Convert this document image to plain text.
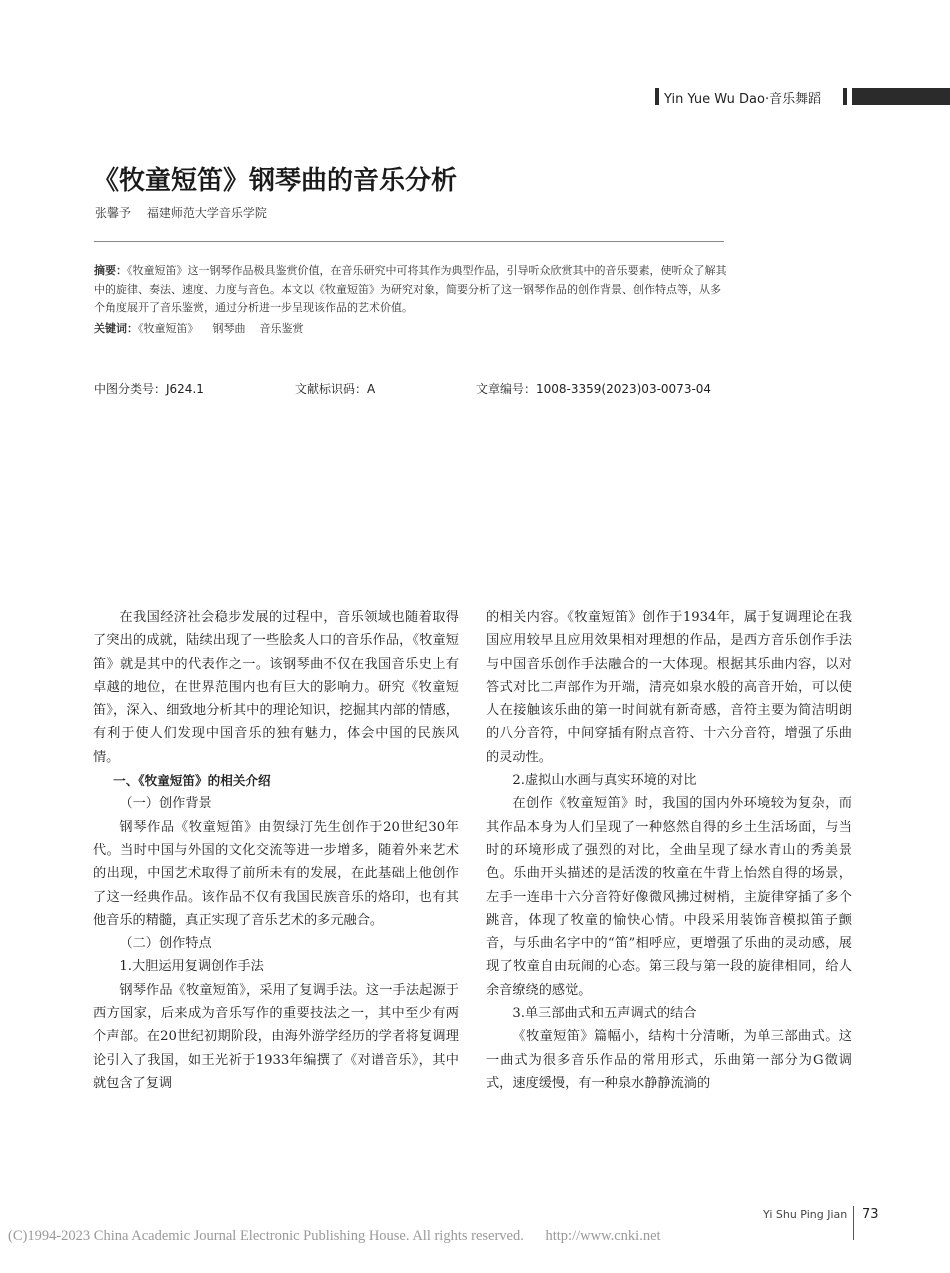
Yin Yue Wu Dao·音乐舞蹈
《牧童短笛》钢琴曲的音乐分析
张馨予 福建师范大学音乐学院
摘要：《牧童短笛》这一钢琴作品极具鉴赏价值，在音乐研究中可将其作为典型作品，引导听众欣赏其中的音乐要素，使听众了解其中的旋律、奏法、速度、力度与音色。本文以《牧童短笛》为研究对象，简要分析了这一钢琴作品的创作背景、创作特点等，从多个角度展开了音乐鉴赏，通过分析进一步呈现该作品的艺术价值。
关键词：《牧童短笛》 钢琴曲 音乐鉴赏
中图分类号：J624.1	文献标识码：A	文章编号：1008-3359(2023)03-0073-04

在我国经济社会稳步发展的过程中，音乐领域也随着取得了突出的成就，陆续出现了一些脍炙人口的音乐作品，《牧童短笛》就是其中的代表作之一。该钢琴曲不仅在我国音乐史上有卓越的地位，在世界范围内也有巨大的影响力。研究《牧童短笛》，深入、细致地分析其中的理论知识，挖掘其内部的情感，有利于使人们发现中国音乐的独有魅力，体会中国的民族风情。

一、《牧童短笛》的相关介绍

（一）创作背景

钢琴作品《牧童短笛》由贺绿汀先生创作于20世纪30年代。当时中国与外国的文化交流等进一步增多，随着外来艺术的出现，中国艺术取得了前所未有的发展，在此基础上他创作了这一经典作品。该作品不仅有我国民族音乐的烙印，也有其他音乐的精髓，真正实现了音乐艺术的多元融合。

（二）创作特点

1.大胆运用复调创作手法

钢琴作品《牧童短笛》，采用了复调手法。这一手法起源于西方国家，后来成为音乐写作的重要技法之一，其中至少有两个声部。在20世纪初期阶段，由海外游学经历的学者将复调理论引入了我国，如王光祈于1933年编撰了《对谱音乐》，其中就包含了复调

的相关内容。《牧童短笛》创作于1934年，属于复调理论在我国应用较早且应用效果相对理想的作品，是西方音乐创作手法与中国音乐创作手法融合的一大体现。根据其乐曲内容，以对答式对比二声部作为开端，清亮如泉水般的高音开始，可以使人在接触该乐曲的第一时间就有新奇感，音符主要为简洁明朗的八分音符，中间穿插有附点音符、十六分音符，增强了乐曲的灵动性。

2.虚拟山水画与真实环境的对比

在创作《牧童短笛》时，我国的国内外环境较为复杂，而其作品本身为人们呈现了一种悠然自得的乡土生活场面，与当时的环境形成了强烈的对比，全曲呈现了绿水青山的秀美景色。乐曲开头描述的是活泼的牧童在牛背上怡然自得的场景，左手一连串十六分音符好像微风拂过树梢，主旋律穿插了多个跳音，体现了牧童的愉快心情。中段采用装饰音模拟笛子颤音，与乐曲名字中的“笛”相呼应，更增强了乐曲的灵动感，展现了牧童自由玩闹的心态。第三段与第一段的旋律相同，给人余音缭绕的感觉。

3.单三部曲式和五声调式的结合

《牧童短笛》篇幅小，结构十分清晰，为单三部曲式。这一曲式为很多音乐作品的常用形式，乐曲第一部分为G徵调式，速度缓慢，有一种泉水静静流淌的

Yi Shu Ping Jian 73
(C)1994-2023 China Academic Journal Electronic Publishing House. All rights reserved. http://www.cnki.net
